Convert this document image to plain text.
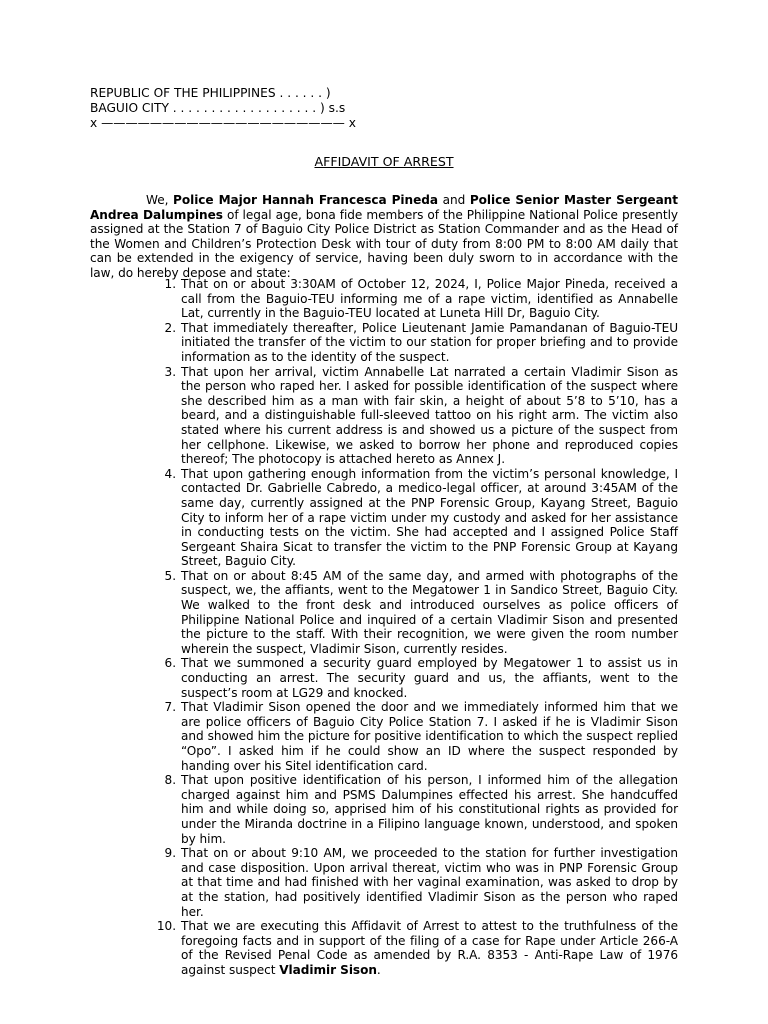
REPUBLIC OF THE PHILIPPINES . . . . . . )
BAGUIO CITY . . . . . . . . . . . . . . . . . . . ) s.s
x ———————————————————— x
AFFIDAVIT OF ARREST
We, Police Major Hannah Francesca Pineda and Police Senior Master Sergeant Andrea Dalumpines of legal age, bona fide members of the Philippine National Police presently assigned at the Station 7 of Baguio City Police District as Station Commander and as the Head of the Women and Children’s Protection Desk with tour of duty from 8:00 PM to 8:00 AM daily that can be extended in the exigency of service, having been duly sworn to in accordance with the law, do hereby depose and state:
1. That on or about 3:30AM of October 12, 2024, I, Police Major Pineda, received a call from the Baguio-TEU informing me of a rape victim, identified as Annabelle Lat, currently in the Baguio-TEU located at Luneta Hill Dr, Baguio City.
2. That immediately thereafter, Police Lieutenant Jamie Pamandanan of Baguio-TEU initiated the transfer of the victim to our station for proper briefing and to provide information as to the identity of the suspect.
3. That upon her arrival, victim Annabelle Lat narrated a certain Vladimir Sison as the person who raped her. I asked for possible identification of the suspect where she described him as a man with fair skin, a height of about 5’8 to 5’10, has a beard, and a distinguishable full-sleeved tattoo on his right arm. The victim also stated where his current address is and showed us a picture of the suspect from her cellphone. Likewise, we asked to borrow her phone and reproduced copies thereof; The photocopy is attached hereto as Annex J.
4. That upon gathering enough information from the victim’s personal knowledge, I contacted Dr. Gabrielle Cabredo, a medico-legal officer, at around 3:45AM of the same day, currently assigned at the PNP Forensic Group, Kayang Street, Baguio City to inform her of a rape victim under my custody and asked for her assistance in conducting tests on the victim. She had accepted and I assigned Police Staff Sergeant Shaira Sicat to transfer the victim to the PNP Forensic Group at Kayang Street, Baguio City.
5. That on or about 8:45 AM of the same day, and armed with photographs of the suspect, we, the affiants, went to the Megatower 1 in Sandico Street, Baguio City. We walked to the front desk and introduced ourselves as police officers of Philippine National Police and inquired of a certain Vladimir Sison and presented the picture to the staff. With their recognition, we were given the room number wherein the suspect, Vladimir Sison, currently resides.
6. That we summoned a security guard employed by Megatower 1 to assist us in conducting an arrest. The security guard and us, the affiants, went to the suspect’s room at LG29 and knocked.
7. That Vladimir Sison opened the door and we immediately informed him that we are police officers of Baguio City Police Station 7. I asked if he is Vladimir Sison and showed him the picture for positive identification to which the suspect replied “Opo”. I asked him if he could show an ID where the suspect responded by handing over his Sitel identification card.
8. That upon positive identification of his person, I informed him of the allegation charged against him and PSMS Dalumpines effected his arrest. She handcuffed him and while doing so, apprised him of his constitutional rights as provided for under the Miranda doctrine in a Filipino language known, understood, and spoken by him.
9. That on or about 9:10 AM, we proceeded to the station for further investigation and case disposition. Upon arrival thereat, victim who was in PNP Forensic Group at that time and had finished with her vaginal examination, was asked to drop by at the station, had positively identified Vladimir Sison as the person who raped her.
10. That we are executing this Affidavit of Arrest to attest to the truthfulness of the foregoing facts and in support of the filing of a case for Rape under Article 266-A of the Revised Penal Code as amended by R.A. 8353 - Anti-Rape Law of 1976 against suspect Vladimir Sison.
